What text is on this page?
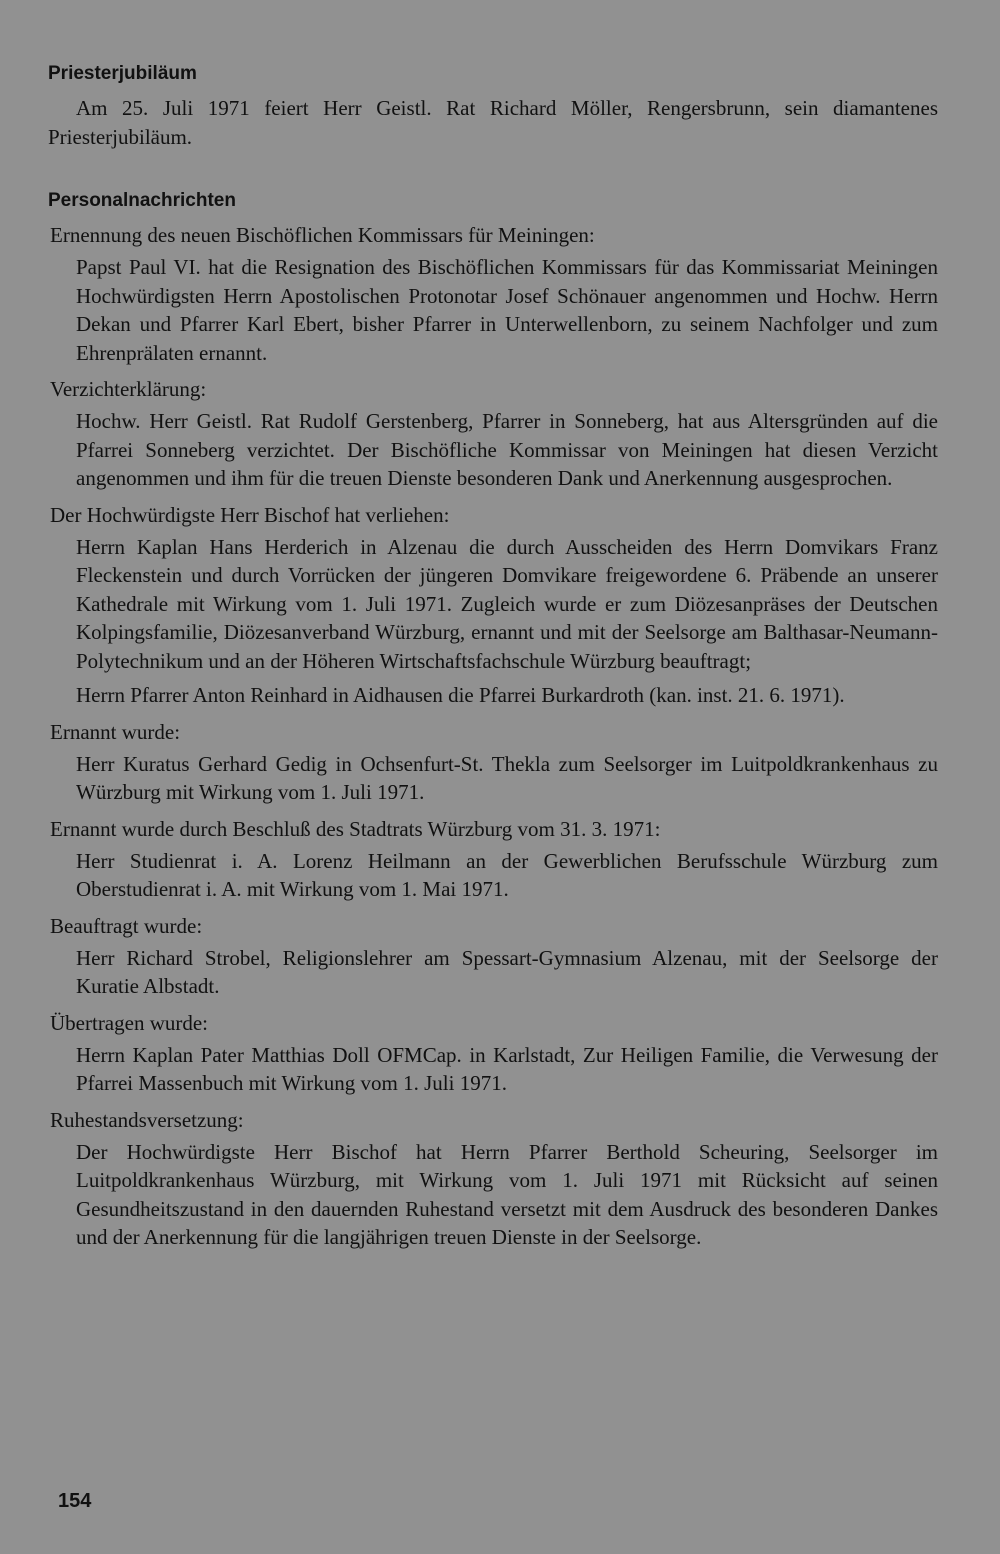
Priesterjubiläum

Am 25. Juli 1971 feiert Herr Geistl. Rat Richard Möller, Rengersbrunn, sein diamantenes Priesterjubiläum.

Personalnachrichten
Ernennung des neuen Bischöflichen Kommissars für Meiningen:

Papst Paul VI. hat die Resignation des Bischöflichen Kommissars für das Kommissariat Meiningen Hochwürdigsten Herrn Apostolischen Protonotar Josef Schönauer angenommen und Hochw. Herrn Dekan und Pfarrer Karl Ebert, bisher Pfarrer in Unterwellenborn, zu seinem Nachfolger und zum Ehrenprälaten ernannt.

Verzichterklärung:

Hochw. Herr Geistl. Rat Rudolf Gerstenberg, Pfarrer in Sonneberg, hat aus Altersgründen auf die Pfarrei Sonneberg verzichtet. Der Bischöfliche Kommissar von Meiningen hat diesen Verzicht angenommen und ihm für die treuen Dienste besonderen Dank und Anerkennung ausgesprochen.

Der Hochwürdigste Herr Bischof hat verliehen:

Herrn Kaplan Hans Herderich in Alzenau die durch Ausscheiden des Herrn Domvikars Franz Fleckenstein und durch Vorrücken der jüngeren Domvikare freigewordene 6. Präbende an unserer Kathedrale mit Wirkung vom 1. Juli 1971. Zugleich wurde er zum Diözesanpräses der Deutschen Kolpingsfamilie, Diözesanverband Würzburg, ernannt und mit der Seelsorge am Balthasar-Neumann-Polytechnikum und an der Höheren Wirtschaftsfachschule Würzburg beauftragt;

Herrn Pfarrer Anton Reinhard in Aidhausen die Pfarrei Burkardroth (kan. inst. 21. 6. 1971).

Ernannt wurde:

Herr Kuratus Gerhard Gedig in Ochsenfurt-St. Thekla zum Seelsorger im Luitpoldkrankenhaus zu Würzburg mit Wirkung vom 1. Juli 1971.

Ernannt wurde durch Beschluß des Stadtrats Würzburg vom 31. 3. 1971:

Herr Studienrat i. A. Lorenz Heilmann an der Gewerblichen Berufsschule Würzburg zum Oberstudienrat i. A. mit Wirkung vom 1. Mai 1971.

Beauftragt wurde:

Herr Richard Strobel, Religionslehrer am Spessart-Gymnasium Alzenau, mit der Seelsorge der Kuratie Albstadt.

Übertragen wurde:

Herrn Kaplan Pater Matthias Doll OFMCap. in Karlstadt, Zur Heiligen Familie, die Verwesung der Pfarrei Massenbuch mit Wirkung vom 1. Juli 1971.

Ruhestandsversetzung:

Der Hochwürdigste Herr Bischof hat Herrn Pfarrer Berthold Scheuring, Seelsorger im Luitpoldkrankenhaus Würzburg, mit Wirkung vom 1. Juli 1971 mit Rücksicht auf seinen Gesundheitszustand in den dauernden Ruhestand versetzt mit dem Ausdruck des besonderen Dankes und der Anerkennung für die langjährigen treuen Dienste in der Seelsorge.

154
